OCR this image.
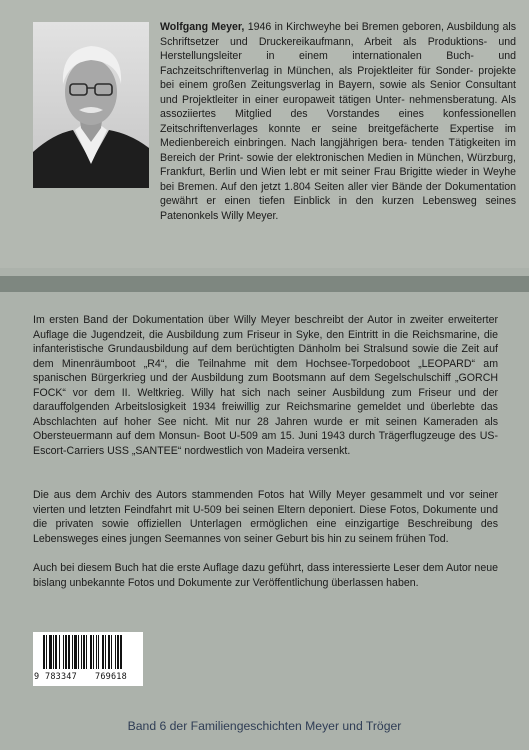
Wolfgang Meyer, 1946 in Kirchweyhe bei Bremen geboren, Ausbildung als Schriftsetzer und Druckereikaufmann, Arbeit als Produktions- und Herstellungsleiter in einem internationalen Buch- und Fachzeitschriftenverlag in München, als Projektleiter für Sonder- projekte bei einem großen Zeitungsverlag in Bayern, sowie als Senior Consultant und Projektleiter in einer europaweit tätigen Unter- nehmensberatung. Als assoziiertes Mitglied des Vorstandes eines konfessionellen Zeitschriftenverlages konnte er seine breitgefächerte Expertise im Medienbereich einbringen. Nach langjährigen bera- tenden Tätigkeiten im Bereich der Print- sowie der elektronischen Medien in München, Würzburg, Frankfurt, Berlin und Wien lebt er mit seiner Frau Brigitte wieder in Weyhe bei Bremen. Auf den jetzt 1.804 Seiten aller vier Bände der Dokumentation gewährt er einen tiefen Einblick in den kurzen Lebensweg seines Patenonkels Willy Meyer.

Im ersten Band der Dokumentation über Willy Meyer beschreibt der Autor in zweiter erweiterter Auflage die Jugendzeit, die Ausbildung zum Friseur in Syke, den Eintritt in die Reichsmarine, die infanteristische Grundausbildung auf dem berüchtigten Dänholm bei Stralsund sowie die Zeit auf dem Minenräumboot „R4“, die Teilnahme mit dem Hochsee-Torpedoboot „LEOPARD“ am spanischen Bürgerkrieg und der Ausbildung zum Bootsmann auf dem Segelschulschiff „GORCH FOCK“ vor dem II. Weltkrieg. Willy hat sich nach seiner Ausbildung zum Friseur und der darauffolgenden Arbeitslosigkeit 1934 freiwillig zur Reichsmarine gemeldet und überlebte das Abschlachten auf hoher See nicht. Mit nur 28 Jahren wurde er mit seinen Kameraden als Obersteuermann auf dem Monsun- Boot U-509 am 15. Juni 1943 durch Trägerflugzeuge des US-Escort-Carriers USS „SANTEE“ nordwestlich von Madeira versenkt.

Die aus dem Archiv des Autors stammenden Fotos hat Willy Meyer gesammelt und vor seiner vierten und letzten Feindfahrt mit U-509 bei seinen Eltern deponiert. Diese Fotos, Dokumente und die privaten sowie offiziellen Unterlagen ermöglichen eine einzigartige Beschreibung des Lebensweges eines jungen Seemannes von seiner Geburt bis hin zu seinem frühen Tod.

Auch bei diesem Buch hat die erste Auflage dazu geführt, dass interessierte Leser dem Autor neue bislang unbekannte Fotos und Dokumente zur Veröffentlichung überlassen haben.

9 783347 769618
Band 6 der Familiengeschichten Meyer und Tröger
